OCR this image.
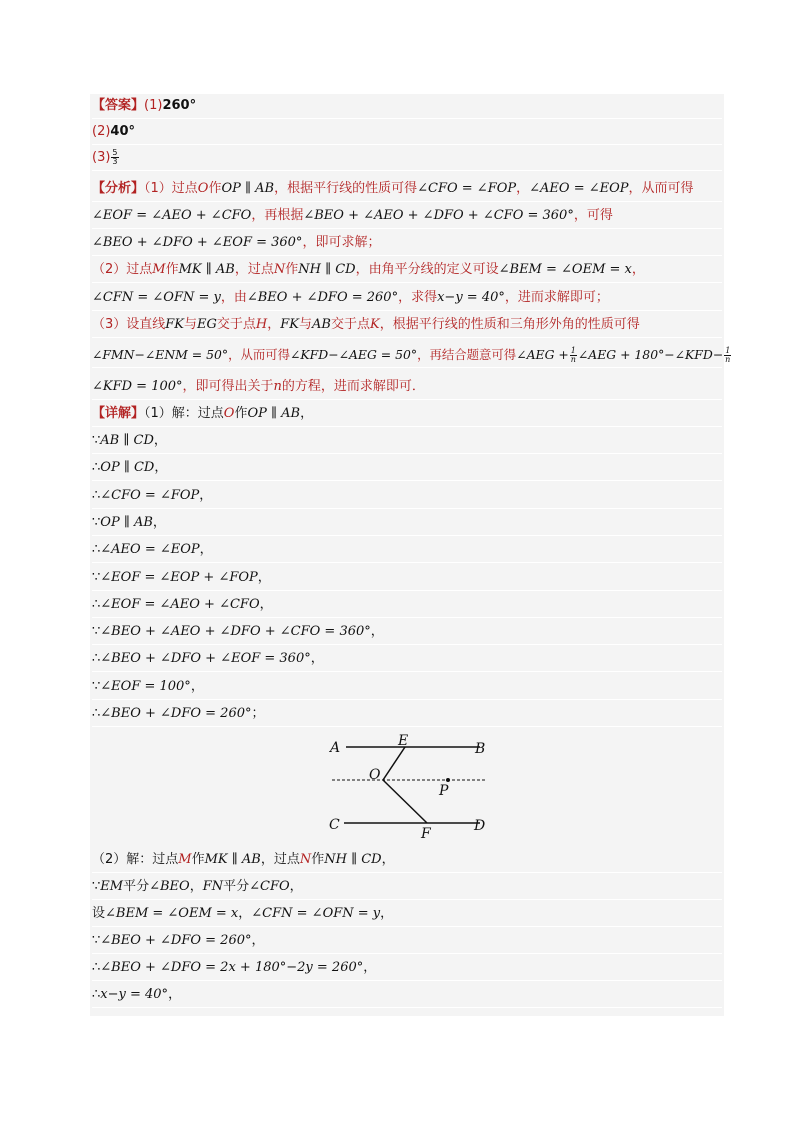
【答案】(1)260°
(2)40°
$(3) \frac{5}{3}$
【分析】（1）过点O作OP ∥ AB，根据平行线的性质可得∠CFO = ∠FOP，∠AEO = ∠EOP，从而可得
∠EOF = ∠AEO + ∠CFO，再根据∠BEO + ∠AEO + ∠DFO + ∠CFO = 360°，可得
∠BEO + ∠DFO + ∠EOF = 360°，即可求解；
（2）过点M作MK ∥ AB，过点N作NH ∥ CD，由角平分线的定义可设∠BEM = ∠OEM = x，
∠CFN = ∠OFN = y，由∠BEO + ∠DFO = 260°，求得x−y = 40°，进而求解即可；
（3）设直线FK与EG交于点H，FK与AB交于点K，根据平行线的性质和三角形外角的性质可得
∠FMN−∠ENM = 50°，从而可得∠KFD−∠AEG = 50°，再结合题意可得∠AEG + $\frac{1}{n}$ ∠AEG + 180°−∠KFD− $\frac{1}{n}$
∠KFD = 100°，即可得出关于n的方程，进而求解即可．
【详解】（1）解：过点O作OP ∥ AB，
∵AB ∥ CD，
∴OP ∥ CD，
∴∠CFO = ∠FOP，
∵OP ∥ AB，
∴∠AEO = ∠EOP，
∵∠EOF = ∠EOP + ∠FOP，
∴∠EOF = ∠AEO + ∠CFO，
∵∠BEO + ∠AEO + ∠DFO + ∠CFO = 360°，
∴∠BEO + ∠DFO + ∠EOF = 360°，
∵∠EOF = 100°，
∴∠BEO + ∠DFO = 260°；
A	B
E
O
P
C
F	D
（2）解：过点M作MK ∥ AB，过点N作NH ∥ CD，
∵EM平分∠BEO，FN平分∠CFO，
设∠BEM = ∠OEM = x，∠CFN = ∠OFN = y，
∵∠BEO + ∠DFO = 260°，
∴∠BEO + ∠DFO = 2x + 180°−2y = 260°，
∴x−y = 40°，
